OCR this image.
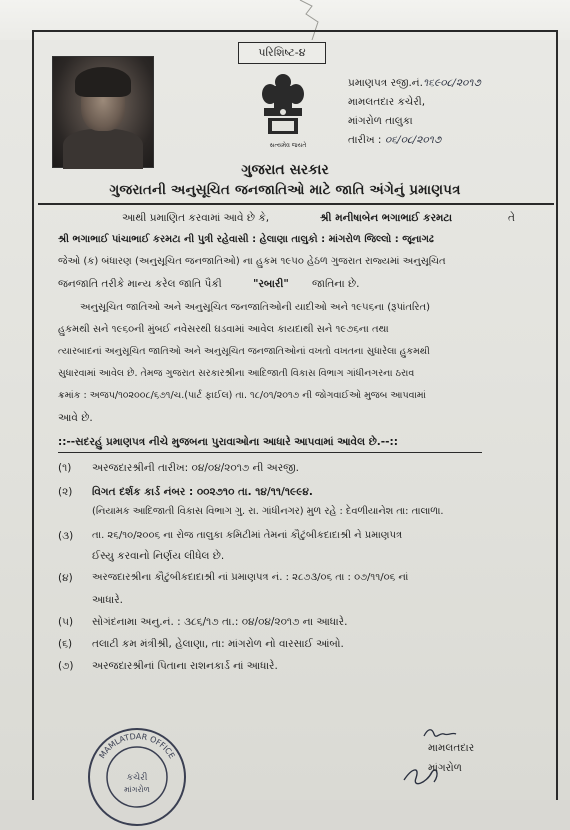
પરિશિષ્ટ-૪
સત્યમેવ જયતે
પ્રમાણપત્ર રજી.નં.૧૬૯૦૮/૨૦૧૭
મામલતદાર કચેરી,
માંગરોળ તાલુકા
તારીખ : ૦૬/૦૮/૨૦૧૭
ગુજરાત સરકાર
ગુજરાતની અનુસૂચિત જનજાતિઓ માટે જાતિ અંગેનું પ્રમાણપત્ર
આથી પ્રમાણિત કરવામાં આવે છે કે,	શ્રી મનીષાબેન ભગાભાઈ કરમટા	તે
શ્રી ભગાભાઈ પાંચાભાઈ કરમટા ની પુત્રી રહેવાસી : હેલાણા તાલુકો : માંગરોળ જિલ્લો : જૂનાગઢ
જેઓ (ક) બંધારણ (અનુસૂચિત જનજાતિઓ) ના હુકમ ૧૯૫૦ હેઠળ ગુજરાત રાજ્યમાં અનુસૂચિત
જનજાતિ તરીકે માન્ય કરેલ જાતિ પૈકી	"રબારી" જાતિના છે.
અનુસૂચિત જાતિઓ અને અનુસૂચિત જનજાતિઓની યાદીઓ અને ૧૯૫૬ના (રૂપાંતરિત)
હુકમથી સને ૧૯૬૦ની મુંબઈ નવેસરથી ઘડવામાં આવેલ કાયદાથી સને ૧૯૭૬ના તથા
ત્યારબાદનાં અનુસૂચિત જાતિઓ અને અનુસૂચિત જનજાતિઓનાં વખતો વખતના સુધારેલા હુકમથી
સુધારવામાં આવેલ છે. તેમજ ગુજરાત સરકારશ્રીના આદિજાતી વિકાસ વિભાગ ગાંધીનગરના ઠરાવ
ક્રમાંક : અજપ/૧૦૨૦૦૮/૬૭૧/ચ.(પાર્ટ ફાઈલ) તા. ૧૮/૦૧/૨૦૧૭ ની જોગવાઈઓ મુજબ આપવામાં
આવે છે.
::--સદરહું પ્રમાણપત્ર નીચે મુજબના પુરાવાઓના આધારે આપવામાં આવેલ છે.--::
(૧) અરજદારશ્રીની તારીખ: ૦૪/૦૪/૨૦૧૭ ની અરજી.
(૨) વિગત દર્શક કાર્ડ નંબર : ૦૦૨૭૧૦ તા. ૧૪/૧૧/૧૯૯૪.
(નિયામક આદિજાતી વિકાસ વિભાગ ગુ. રા. ગાંધીનગર) મુળ રહે : દેવળીયાનેશ તા: તાલાળા.
(૩) તા. ૨૬/૧૦/૨૦૦૬ ના રોજ તાલુકા કમિટીમાં તેમનાં કૌટુંબીકદાદાશ્રી ને પ્રમાણપત્ર
ઈસ્યુ કરવાનો નિર્ણય લીધેલ છે.
(૪) અરજદારશ્રીના કૌટુંબીકદાદાશ્રી નાં પ્રમાણપત્ર નં. : ૨૮૭૩/૦૬ તા : ૦૭/૧૧/૦૬ નાં
આધારે.
(૫) સોગંદનામા અનુ.નં. : ૩૮૬/૧૭ તા.: ૦૪/૦૪/૨૦૧૭ ના આધારે.
(૬) તલાટી કમ મંત્રીશ્રી, હેલાણા, તા: માંગરોળ નો વારસાઈ આંબો.
(૭) અરજદારશ્રીનાં પિતાના રાશનકાર્ડ નાં આધારે.
MAMLATDAR OFFICE
કચેરી
માંગરોળ
મામલતદાર
માંગરોળ
